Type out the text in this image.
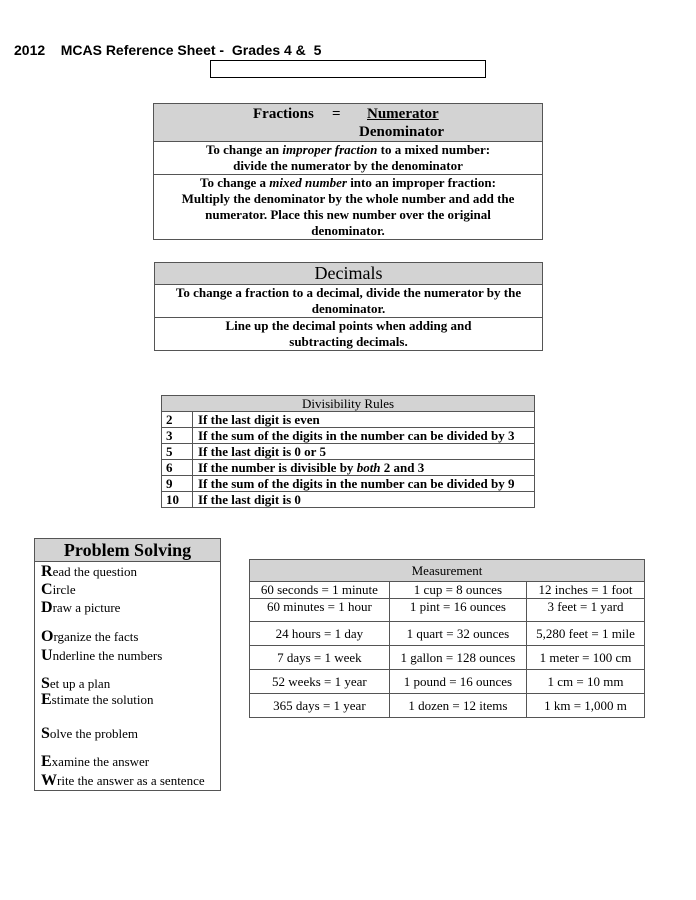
2012    MCAS Reference Sheet -  Grades 4 &  5
Fractions = Numerator
Denominator

To change an improper fraction to a mixed number:
divide the numerator by the denominator
To change a mixed number into an improper fraction:
Multiply the denominator by the whole number and add the
numerator. Place this new number over the original
denominator.
Decimals
To change a fraction to a decimal, divide the numerator by the denominator.
Line up the decimal points when adding and subtracting decimals.
Divisibility Rules	
2	If the last digit is even
3	If the sum of the digits in the number can be divided by 3
5	If the last digit is 0 or 5
6	If the number is divisible by both 2 and 3
9	If the sum of the digits in the number can be divided by 9
10	If the last digit is 0
Problem Solving
Read the question
Circle
Draw a picture
Organize the facts
Underline the numbers
Set up a plan
Estimate the solution
Solve the problem
Examine the answer
Write the answer as a sentence
Measurement		
60 seconds = 1 minute	1 cup = 8 ounces	12 inches = 1 foot
60 minutes = 1 hour	1 pint = 16 ounces	3 feet = 1 yard
24 hours = 1 day	1 quart = 32 ounces	5,280 feet = 1 mile
7 days = 1 week	1 gallon = 128 ounces	1 meter = 100 cm
52 weeks = 1 year	1 pound = 16 ounces	1 cm = 10 mm
365 days = 1 year	1 dozen = 12 items	1 km = 1,000 m
